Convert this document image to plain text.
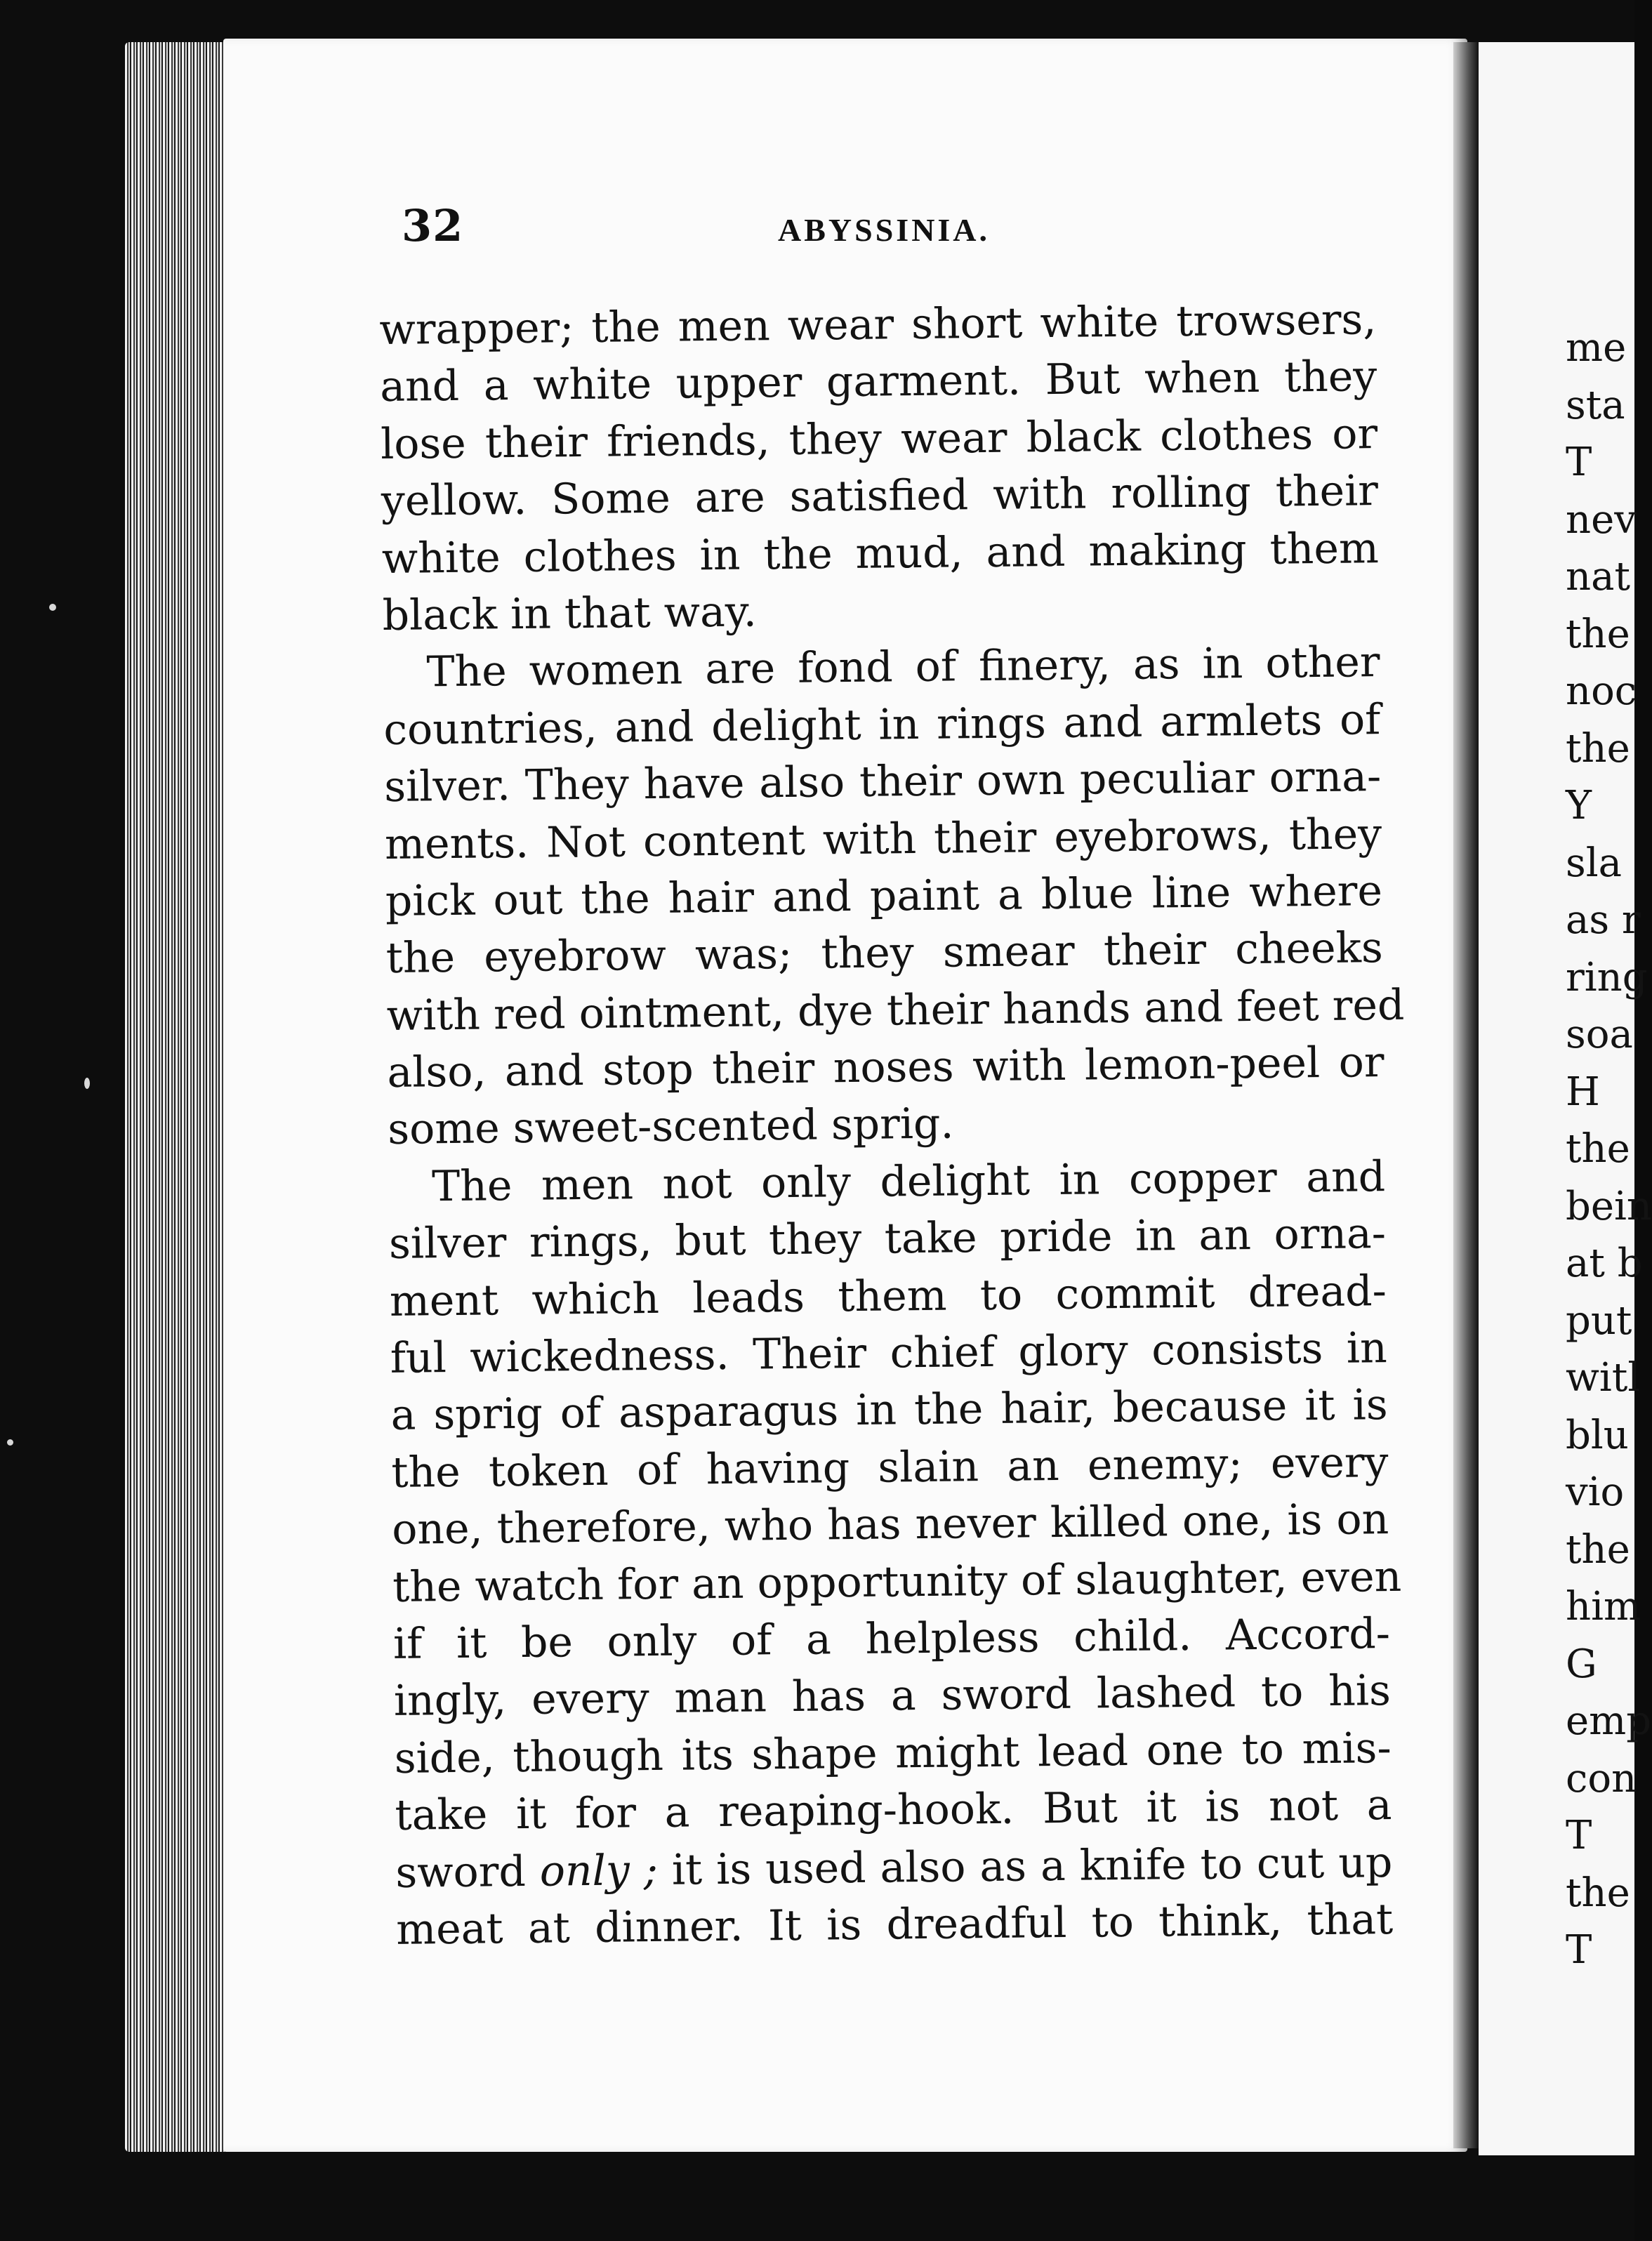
32	ABYSSINIA.
wrapper; the men wear short white trowsers,
and a white upper garment. But when they
lose their friends, they wear black clothes or
yellow. Some are satisfied with rolling their
white clothes in the mud, and making them
black in that way.
The women are fond of finery, as in other
countries, and delight in rings and armlets of
silver. They have also their own peculiar orna-
ments. Not content with their eyebrows, they
pick out the hair and paint a blue line where
the eyebrow was; they smear their cheeks
with red ointment, dye their hands and feet red
also, and stop their noses with lemon-peel or
some sweet-scented sprig.
The men not only delight in copper and
silver rings, but they take pride in an orna-
ment which leads them to commit dread-
ful wickedness. Their chief glory consists in
a sprig of asparagus in the hair, because it is
the token of having slain an enemy; every
one, therefore, who has never killed one, is on
the watch for an opportunity of slaughter, even
if it be only of a helpless child. Accord-
ingly, every man has a sword lashed to his
side, though its shape might lead one to mis-
take it for a reaping-hook. But it is not a
sword only ; it is used also as a knife to cut up
meat at dinner. It is dreadful to think, that
me
sta
T
nev
nat
the
noc
the
Y
sla
as r
ring
soa
H
the
bein
at b
put
witl
blu
vio
the
him
G
emp
con
T
the
T
